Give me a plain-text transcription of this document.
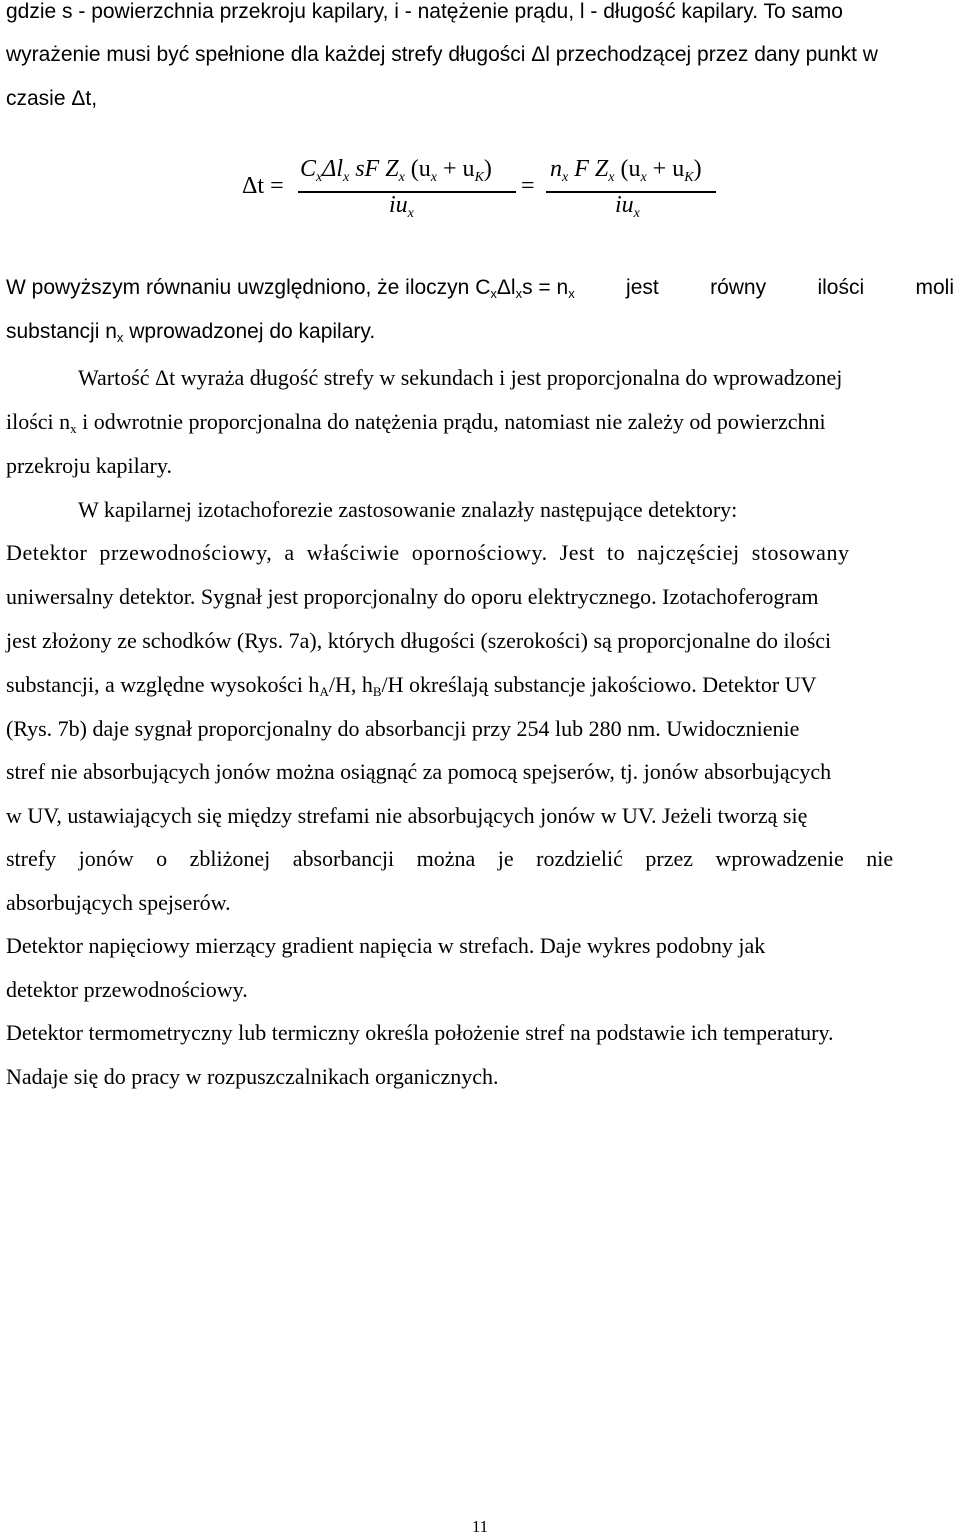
gdzie s - powierzchnia przekroju kapilary, i - natężenie prądu, l - długość kapilary. To samo
wyrażenie musi być spełnione dla każdej strefy długości Δl przechodzącej przez dany punkt w
czasie Δt,
Δt =
$C_x\Delta l_x$ sF $Z_x$ $(u_x + u_K)$
$iu_x$
=
$n_x$ F $Z_x$ $(u_x + u_K)$
$iu_x$
W powyższym równaniu uwzględniono, że iloczyn $C_x\Delta l_xs = n_x$ jest równy ilości moli
substancji $n_x$ wprowadzonej do kapilary.
Wartość Δt wyraża długość strefy w sekundach i jest proporcjonalna do wprowadzonej
ilości $n_x$ i odwrotnie proporcjonalna do natężenia prądu, natomiast nie zależy od powierzchni
przekroju kapilary.
W kapilarnej izotachoforezie zastosowanie znalazły następujące detektory:
Detektor przewodnościowy, a właściwie opornościowy. Jest to najczęściej stosowany
uniwersalny detektor. Sygnał jest proporcjonalny do oporu elektrycznego. Izotachoferogram
jest złożony ze schodków (Rys. 7a), których długości (szerokości) są proporcjonalne do ilości
substancji, a względne wysokości $h_A/H$, $h_B/H$ określają substancje jakościowo. Detektor UV
(Rys. 7b) daje sygnał proporcjonalny do absorbancji przy 254 lub 280 nm. Uwidocznienie
stref nie absorbujących jonów można osiągnąć za pomocą spejserów, tj. jonów absorbujących
w UV, ustawiających się między strefami nie absorbujących jonów w UV. Jeżeli tworzą się
strefy jonów o zbliżonej absorbancji można je rozdzielić przez wprowadzenie nie
absorbujących spejserów.
Detektor napięciowy mierzący gradient napięcia w strefach. Daje wykres podobny jak
detektor przewodnościowy.
Detektor termometryczny lub termiczny określa położenie stref na podstawie ich temperatury.
Nadaje się do pracy w rozpuszczalnikach organicznych.
11
